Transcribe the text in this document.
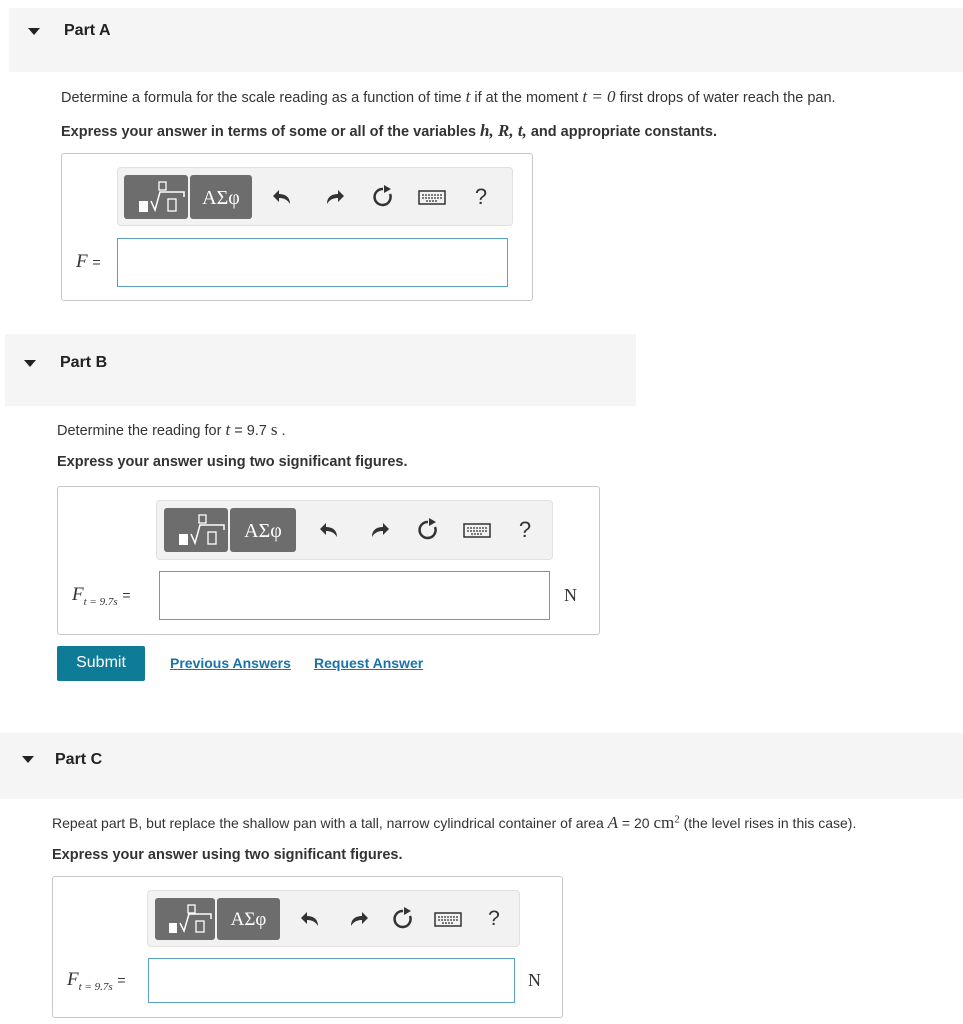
Part A
Determine a formula for the scale reading as a function of time t if at the moment t = 0 first drops of water reach the pan.
Express your answer in terms of some or all of the variables h, R, t, and appropriate constants.
ΑΣφ	?
F =
Part B
Determine the reading for t = 9.7 s .
Express your answer using two significant figures.
ΑΣφ	?
$F_{t = 9.7s}$ =	N
Submit	Previous Answers Request Answer
Part C
Repeat part B, but replace the shallow pan with a tall, narrow cylindrical container of area A = 20 $cm^2$ (the level rises in this case).
Express your answer using two significant figures.
ΑΣφ	?
$F_{t = 9.7s}$ =	N
